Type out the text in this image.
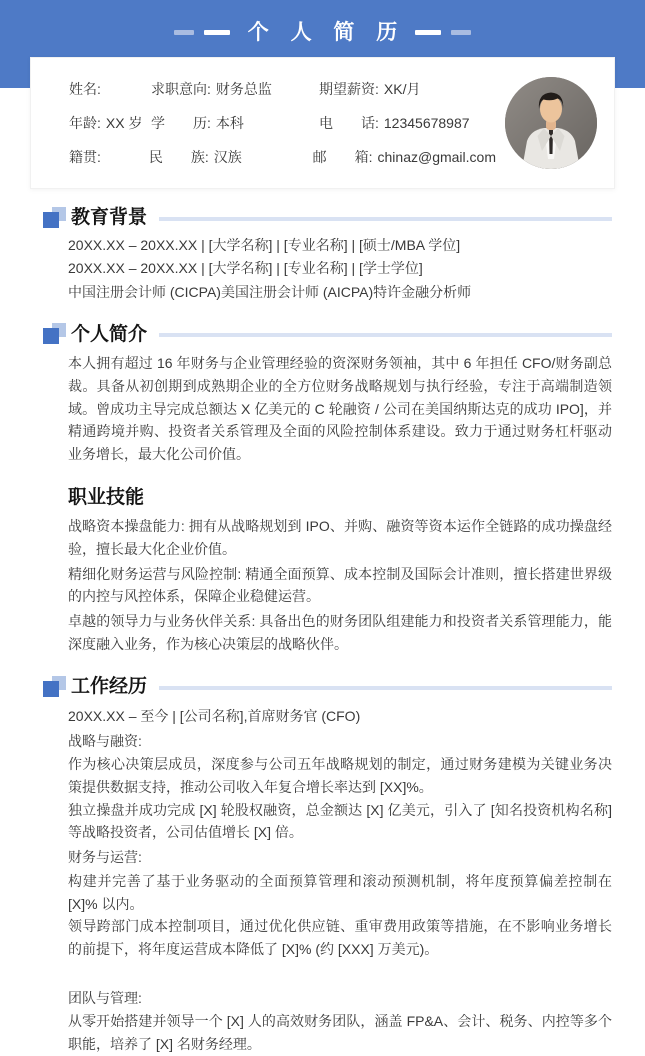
个 人 简 历
姓名:	求职意向: 财务总监	期望薪资: XK/月
年龄: XX 岁 学　　历: 本科	电　　话: 12345678987
籍贯:	民　　族: 汉族	邮　　箱: chinaz@gmail.com
教育背景

20XX.XX – 20XX.XX | [大学名称] | [专业名称] | [硕士/MBA 学位]

20XX.XX – 20XX.XX | [大学名称] | [专业名称] | [学士学位]

中国注册会计师 (CICPA)美国注册会计师 (AICPA)特许金融分析师

个人简介

本人拥有超过 16 年财务与企业管理经验的资深财务领袖，其中 6 年担任 CFO/财务副总裁。具备从初创期到成熟期企业的全方位财务战略规划与执行经验，专注于高端制造领域。曾成功主导完成总额达 X 亿美元的 C 轮融资 / 公司在美国纳斯达克的成功 IPO]，并精通跨境并购、投资者关系管理及全面的风险控制体系建设。致力于通过财务杠杆驱动业务增长，最大化公司价值。

职业技能

战略资本操盘能力: 拥有从战略规划到 IPO、并购、融资等资本运作全链路的成功操盘经验，擅长最大化企业价值。

精细化财务运营与风险控制: 精通全面预算、成本控制及国际会计准则，擅长搭建世界级的内控与风控体系，保障企业稳健运营。

卓越的领导力与业务伙伴关系: 具备出色的财务团队组建能力和投资者关系管理能力，能深度融入业务，作为核心决策层的战略伙伴。

工作经历

20XX.XX – 至今 | [公司名称],首席财务官 (CFO)

战略与融资:

作为核心决策层成员，深度参与公司五年战略规划的制定，通过财务建模为关键业务决策提供数据支持，推动公司收入年复合增长率达到 [XX]%。

独立操盘并成功完成 [X] 轮股权融资，总金额达 [X] 亿美元，引入了 [知名投资机构名称] 等战略投资者，公司估值增长 [X] 倍。

财务与运营:

构建并完善了基于业务驱动的全面预算管理和滚动预测机制，将年度预算偏差控制在 [X]% 以内。

领导跨部门成本控制项目，通过优化供应链、重审费用政策等措施，在不影响业务增长的前提下，将年度运营成本降低了 [X]% (约 [XXX] 万美元)。

团队与管理:

从零开始搭建并领导一个 [X] 人的高效财务团队，涵盖 FP&A、会计、税务、内控等多个职能，培养了 [X] 名财务经理。
